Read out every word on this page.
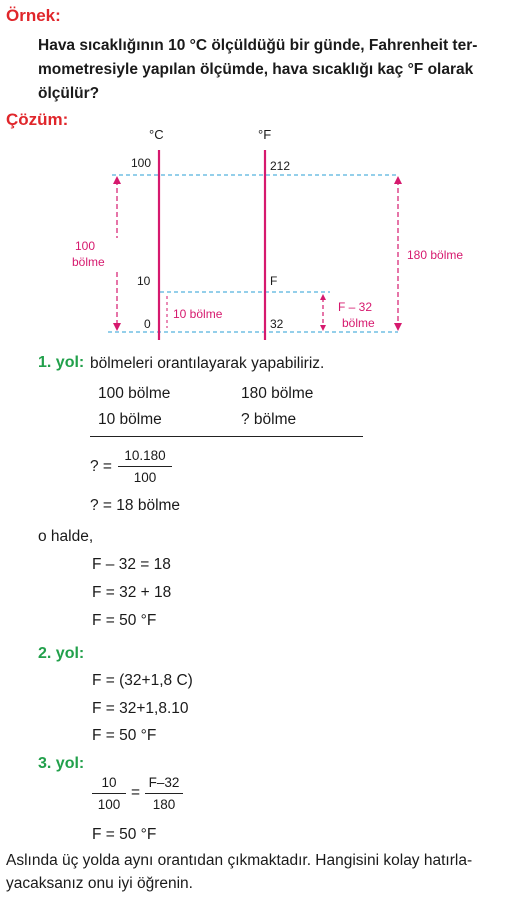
Örnek:
Hava sıcaklığının 10 °C ölçüldüğü bir günde, Fahrenheit ter-
mometresiyle yapılan ölçümde, hava sıcaklığı kaç °F olarak
ölçülür?
Çözüm:
°C	°F
100
10
0
212
F
32
100
bölme	180 bölme
10 bölme	F – 32
bölme
1. yol: bölmeleri orantılayarak yapabiliriz.
100 bölme	180 bölme
10 bölme	? bölme
? = $\frac{10.180}{100}$
? = 18 bölme
o halde,
F – 32 = 18
F = 32 + 18
F = 50 °F
2. yol:
F = (32+1,8 C)
F = 32+1,8.10
F = 50 °F
3. yol:
$\frac{10}{100} = \frac{F-32}{180}$
F = 50 °F
Aslında üç yolda aynı orantıdan çıkmaktadır. Hangisini kolay hatırla-
yacaksanız onu iyi öğrenin.
